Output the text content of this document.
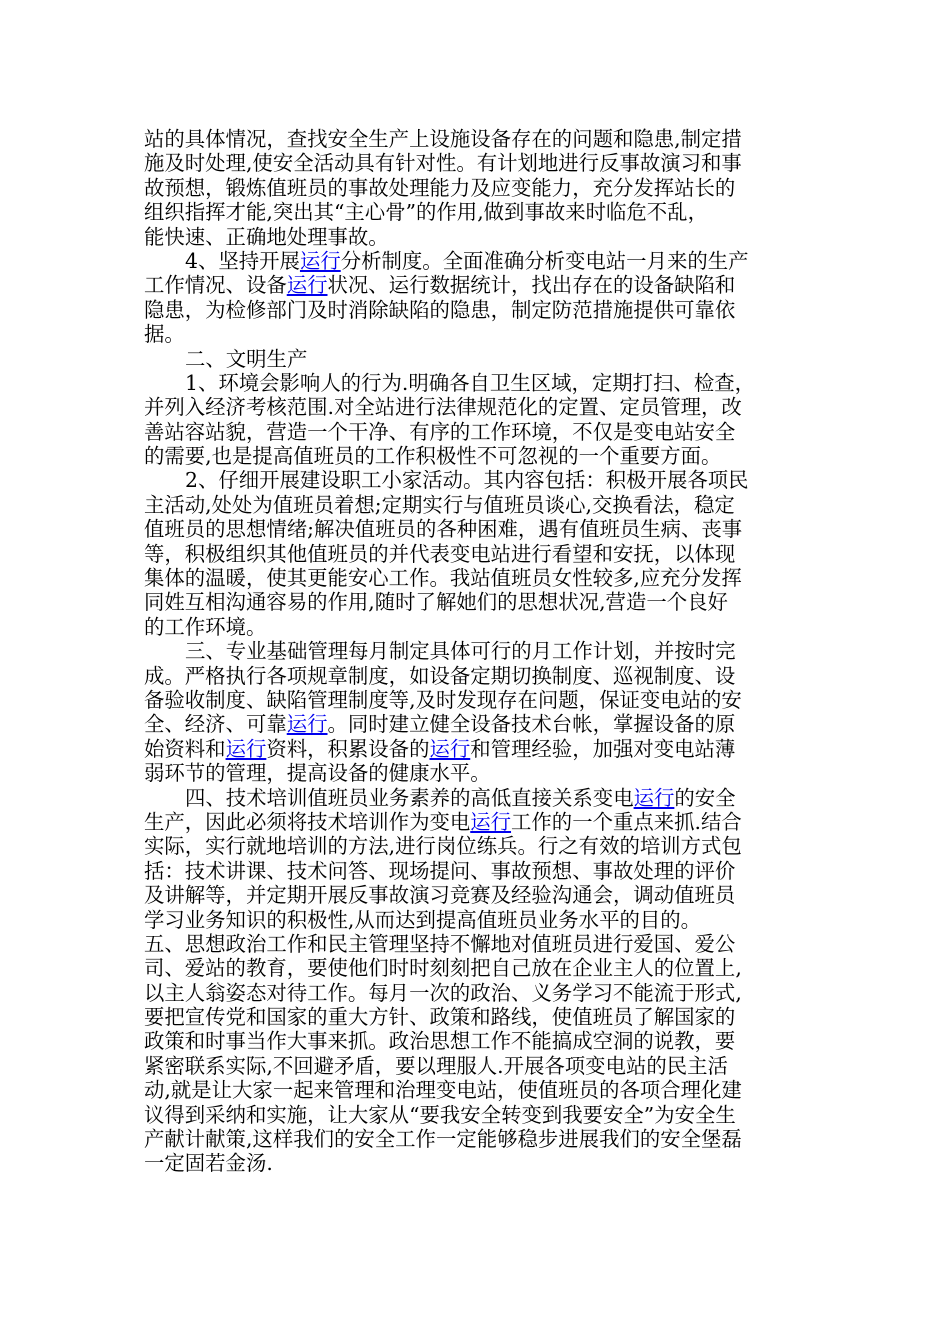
站的具体情况，查找安全生产上设施设备存在的问题和隐患,制定措
施及时处理,使安全活动具有针对性。有计划地进行反事故演习和事
故预想，锻炼值班员的事故处理能力及应变能力，充分发挥站长的
组织指挥才能,突出其“主心骨”的作用,做到事故来时临危不乱，
能快速、正确地处理事故。
4、坚持开展运行分析制度。全面准确分析变电站一月来的生产
工作情况、设备运行状况、运行数据统计，找出存在的设备缺陷和
隐患，为检修部门及时消除缺陷的隐患，制定防范措施提供可靠依
据。
二、文明生产
1、环境会影响人的行为.明确各自卫生区域，定期打扫、检查，
并列入经济考核范围.对全站进行法律规范化的定置、定员管理，改
善站容站貌，营造一个干净、有序的工作环境，不仅是变电站安全
的需要,也是提高值班员的工作积极性不可忽视的一个重要方面。
2、仔细开展建设职工小家活动。其内容包括：积极开展各项民
主活动,处处为值班员着想;定期实行与值班员谈心,交换看法，稳定
值班员的思想情绪;解决值班员的各种困难，遇有值班员生病、丧事
等，积极组织其他值班员的并代表变电站进行看望和安抚，以体现
集体的温暖，使其更能安心工作。我站值班员女性较多,应充分发挥
同姓互相沟通容易的作用,随时了解她们的思想状况,营造一个良好
的工作环境。
三、专业基础管理每月制定具体可行的月工作计划，并按时完
成。严格执行各项规章制度，如设备定期切换制度、巡视制度、设
备验收制度、缺陷管理制度等,及时发现存在问题，保证变电站的安
全、经济、可靠运行。同时建立健全设备技术台帐，掌握设备的原
始资料和运行资料，积累设备的运行和管理经验，加强对变电站薄
弱环节的管理，提高设备的健康水平。
四、技术培训值班员业务素养的高低直接关系变电运行的安全
生产，因此必须将技术培训作为变电运行工作的一个重点来抓.结合
实际，实行就地培训的方法,进行岗位练兵。行之有效的培训方式包
括：技术讲课、技术问答、现场提问、事故预想、事故处理的评价
及讲解等，并定期开展反事故演习竞赛及经验沟通会，调动值班员
学习业务知识的积极性,从而达到提高值班员业务水平的目的。
五、思想政治工作和民主管理坚持不懈地对值班员进行爱国、爱公
司、爱站的教育，要使他们时时刻刻把自己放在企业主人的位置上,
以主人翁姿态对待工作。每月一次的政治、义务学习不能流于形式,
要把宣传党和国家的重大方针、政策和路线，使值班员了解国家的
政策和时事当作大事来抓。政治思想工作不能搞成空洞的说教，要
紧密联系实际,不回避矛盾，要以理服人.开展各项变电站的民主活
动,就是让大家一起来管理和治理变电站，使值班员的各项合理化建
议得到采纳和实施，让大家从“要我安全转变到我要安全”为安全生
产献计献策,这样我们的安全工作一定能够稳步进展我们的安全堡磊
一定固若金汤.
